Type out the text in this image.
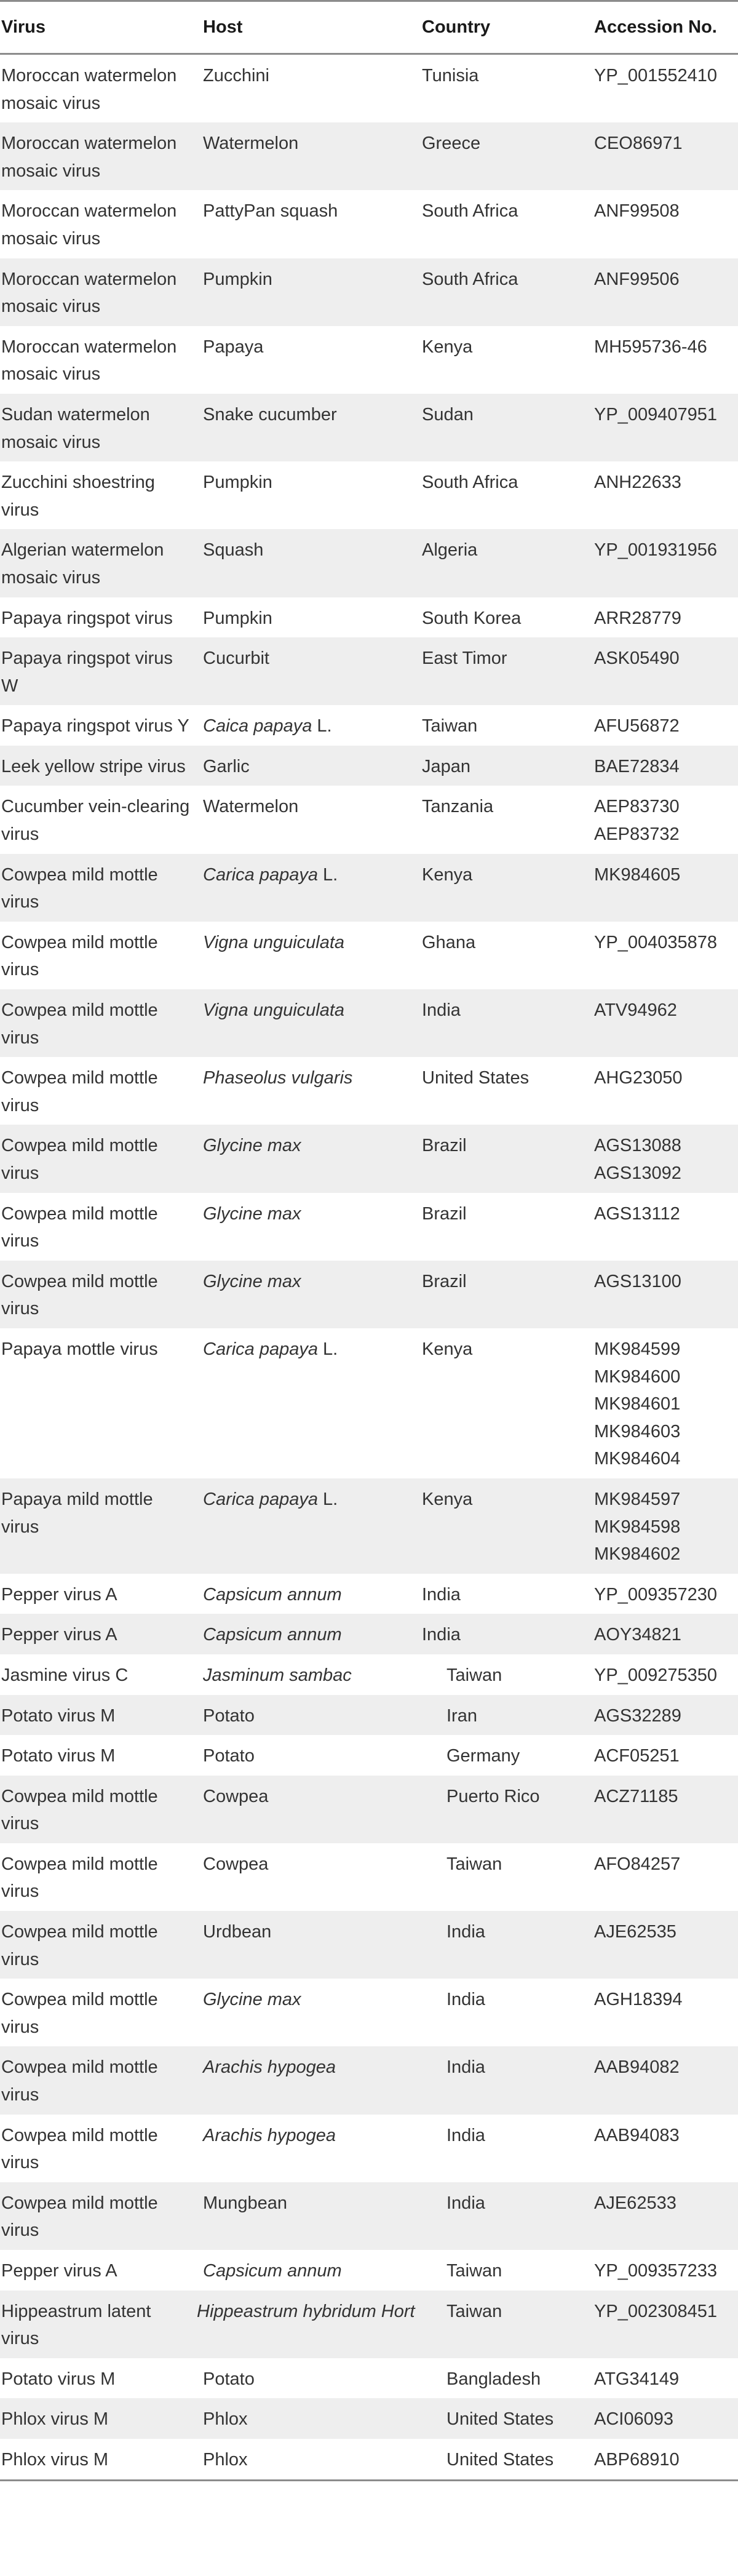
Virus	Host	Country	Accession No.
Moroccan watermelon mosaic virus	Zucchini	Tunisia	YP_001552410

Moroccan watermelon mosaic virus	Watermelon	Greece	CEO86971

Moroccan watermelon mosaic virus	PattyPan squash	South Africa	ANF99508

Moroccan watermelon mosaic virus	Pumpkin	South Africa	ANF99506

Moroccan watermelon mosaic virus	Papaya	Kenya	MH595736-46

Sudan watermelon mosaic virus	Snake cucumber	Sudan	YP_009407951

Zucchini shoestring virus	Pumpkin	South Africa	ANH22633

Algerian watermelon mosaic virus	Squash	Algeria	YP_001931956

Papaya ringspot virus	Pumpkin	South Korea	ARR28779

Papaya ringspot virus W	Cucurbit	East Timor	ASK05490

Papaya ringspot virus Y	Caica papaya L.	Taiwan	AFU56872

Leek yellow stripe virus	Garlic	Japan	BAE72834

Cucumber vein-clearing virus	Watermelon	Tanzania	AEP83730
AEP83732

Cowpea mild mottle virus	Carica papaya L.	Kenya	MK984605

Cowpea mild mottle virus	Vigna unguiculata	Ghana	YP_004035878

Cowpea mild mottle virus	Vigna unguiculata	India	ATV94962

Cowpea mild mottle virus	Phaseolus vulgaris	United States	AHG23050

Cowpea mild mottle virus	Glycine max	Brazil	AGS13088
AGS13092

Cowpea mild mottle virus	Glycine max	Brazil	AGS13112

Cowpea mild mottle virus	Glycine max	Brazil	AGS13100

Papaya mottle virus	Carica papaya L.	Kenya	MK984599
MK984600
MK984601
MK984603
MK984604

Papaya mild mottle virus	Carica papaya L.	Kenya	MK984597
MK984598
MK984602

Pepper virus A	Capsicum annum	India	YP_009357230

Pepper virus A	Capsicum annum	India	AOY34821

Jasmine virus C	Jasminum sambac	Taiwan	YP_009275350

Potato virus M	Potato	Iran	AGS32289

Potato virus M	Potato	Germany	ACF05251

Cowpea mild mottle virus	Cowpea	Puerto Rico	ACZ71185

Cowpea mild mottle virus	Cowpea	Taiwan	AFO84257

Cowpea mild mottle virus	Urdbean	India	AJE62535

Cowpea mild mottle virus	Glycine max	India	AGH18394

Cowpea mild mottle virus	Arachis hypogea	India	AAB94082

Cowpea mild mottle virus	Arachis hypogea	India	AAB94083

Cowpea mild mottle virus	Mungbean	India	AJE62533

Pepper virus A	Capsicum annum	Taiwan	YP_009357233

Hippeastrum latent virus	Hippeastrum hybridum Hort	Taiwan	YP_002308451

Potato virus M	Potato	Bangladesh	ATG34149

Phlox virus M	Phlox	United States	ACI06093

Phlox virus M	Phlox	United States	ABP68910
